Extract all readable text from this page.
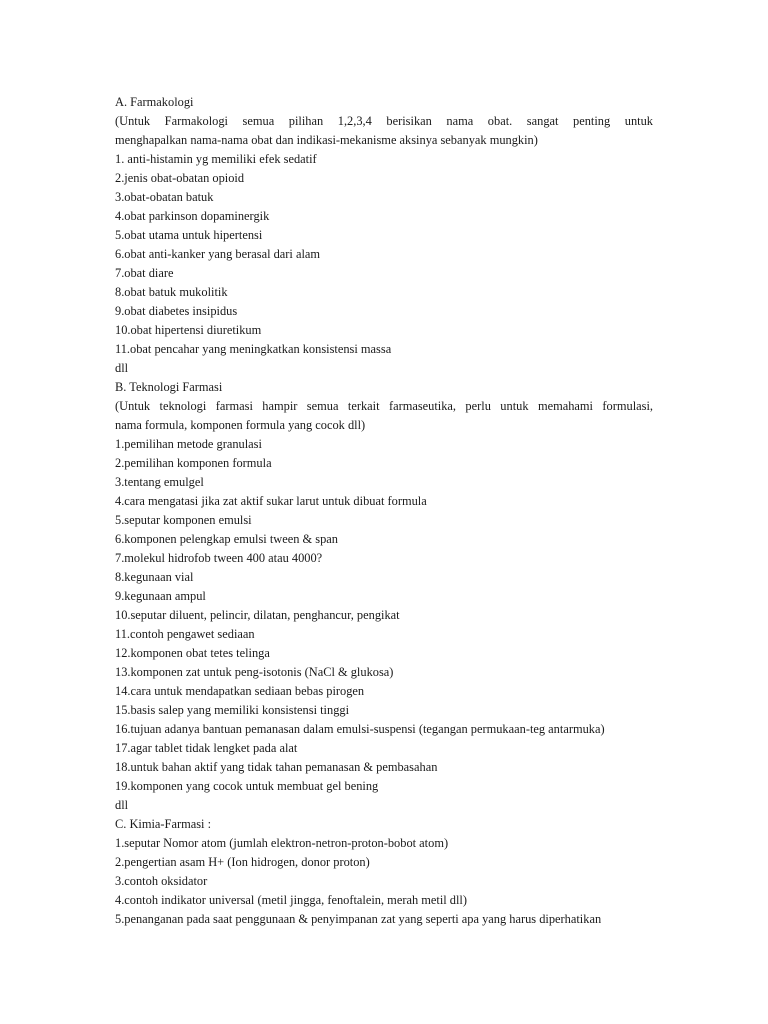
A. Farmakologi
(Untuk Farmakologi semua pilihan 1,2,3,4 berisikan nama obat. sangat penting untuk
menghapalkan nama-nama obat dan indikasi-mekanisme aksinya sebanyak mungkin)
1. anti-histamin yg memiliki efek sedatif
2.jenis obat-obatan opioid
3.obat-obatan batuk
4.obat parkinson dopaminergik
5.obat utama untuk hipertensi
6.obat anti-kanker yang berasal dari alam
7.obat diare
8.obat batuk mukolitik
9.obat diabetes insipidus
10.obat hipertensi diuretikum
11.obat pencahar yang meningkatkan konsistensi massa
dll
B. Teknologi Farmasi
(Untuk teknologi farmasi hampir semua terkait farmaseutika, perlu untuk memahami formulasi,
nama formula, komponen formula yang cocok dll)
1.pemilihan metode granulasi
2.pemilihan komponen formula
3.tentang emulgel
4.cara mengatasi jika zat aktif sukar larut untuk dibuat formula
5.seputar komponen emulsi
6.komponen pelengkap emulsi tween & span
7.molekul hidrofob tween 400 atau 4000?
8.kegunaan vial
9.kegunaan ampul
10.seputar diluent, pelincir, dilatan, penghancur, pengikat
11.contoh pengawet sediaan
12.komponen obat tetes telinga
13.komponen zat untuk peng-isotonis (NaCl & glukosa)
14.cara untuk mendapatkan sediaan bebas pirogen
15.basis salep yang memiliki konsistensi tinggi
16.tujuan adanya bantuan pemanasan dalam emulsi-suspensi (tegangan permukaan-teg antarmuka)
17.agar tablet tidak lengket pada alat
18.untuk bahan aktif yang tidak tahan pemanasan & pembasahan
19.komponen yang cocok untuk membuat gel bening
dll
C. Kimia-Farmasi :
1.seputar Nomor atom (jumlah elektron-netron-proton-bobot atom)
2.pengertian asam H+ (Ion hidrogen, donor proton)
3.contoh oksidator
4.contoh indikator universal (metil jingga, fenoftalein, merah metil dll)
5.penanganan pada saat penggunaan & penyimpanan zat yang seperti apa yang harus diperhatikan
